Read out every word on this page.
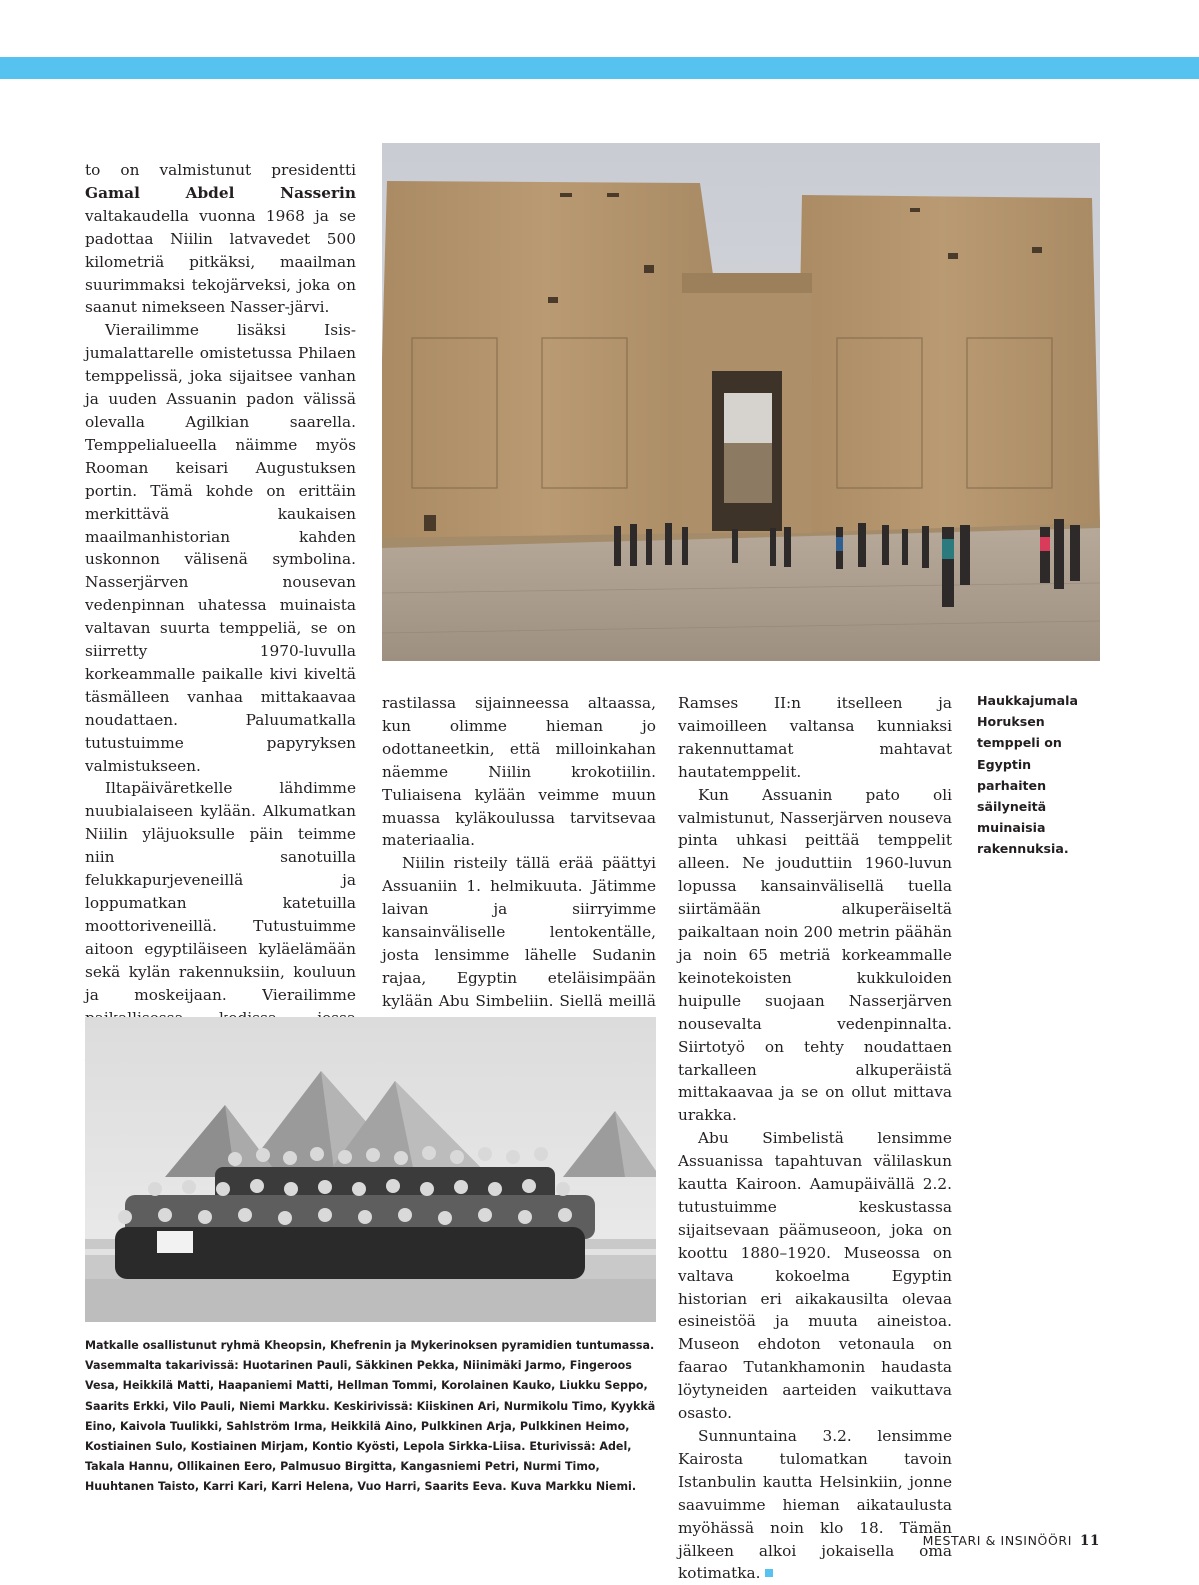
to on valmistunut presidentti Gamal Abdel Nasserin valtakaudella vuonna 1968 ja se padottaa Niilin latvavedet 500 kilometriä pitkäksi, maailman suurimmaksi tekojärveksi, joka on saanut nimekseen Nasser-järvi.

Vierailimme lisäksi Isis-jumalattarelle omistetussa Philaen temppelissä, joka sijaitsee vanhan ja uuden Assuanin padon välissä olevalla Agilkian saarella. Temppelialueella näimme myös Rooman keisari Augustuksen portin. Tämä kohde on erittäin merkittävä kaukaisen maailmanhistorian kahden uskonnon välisenä symbolina. Nasserjärven nousevan vedenpinnan uhatessa muinaista valtavan suurta temppeliä, se on siirretty 1970-luvulla korkeammalle paikalle kivi kiveltä täsmälleen vanhaa mittakaavaa noudattaen. Paluumatkalla tutustuimme papyryksen valmistukseen.

Iltapäiväretkelle lähdimme nuubialaiseen kylään. Alkumatkan Niilin yläjuoksulle päin teimme niin sanotuilla felukkapurjeveneillä ja loppumatkan katetuilla moottoriveneillä. Tutustuimme aitoon egyptiläiseen kyläelämään sekä kylän rakennuksiin, kouluun ja moskeijaan. Vierailimme

Haukkajumala Horuksen temppeli on Egyptin parhaiten säilyneitä muinaisia rakennuksia.

rastilassa sijainneessa altaassa, kun olimme hieman jo odottaneetkin, että milloinkahan näemme Niilin krokotiilin. Tuliaisena kylään veimme muun muassa kyläkoulussa tarvitsevaa materiaalia.

Niilin risteily tällä erää päättyi Assuaniin 1. helmikuuta. Jätimme laivan ja siirryimme kansainväliselle lentokentälle, josta lensimme lähelle Sudanin rajaa, Egyptin eteläisimpään kylään Abu Simbeliin. Siellä meillä

Ramses II:n itselleen ja vaimoilleen valtansa kunniaksi rakennuttamat mahtavat hautatemppelit.

Kun Assuanin pato oli valmistunut, Nasserjärven nouseva pinta uhkasi peittää temppelit alleen. Ne jouduttiin 1960-luvun lopussa kansainvälisellä tuella siirtämään alkuperäiseltä paikaltaan noin 200 metrin päähän ja noin 65 metriä korkeammalle keinotekoisten kukkuloiden huipulle suojaan Nasserjärven nousevalta vedenpinnalta. Siirtotyö on tehty noudattaen tarkalleen alkuperäistä mittakaavaa ja se on ollut mittava urakka.

Abu Simbelistä lensimme Assuanissa tapahtuvan välilaskun kautta Kairoon. Aamupäivällä 2.2. tutustuimme keskustassa sijaitsevaan päämuseoon, joka on koottu 1880–1920. Museossa on valtava kokoelma Egyptin historian eri aikakausilta olevaa esineistöä ja muuta aineistoa. Museon ehdoton vetonaula on faarao Tutankhamonin haudasta löytyneiden aarteiden vaikuttava osasto.

Sunnuntaina 3.2. lensimme Kairosta tulomatkan tavoin Istanbulin kautta Helsinkiin, jonne saavuimme hieman aikataulusta myöhässä noin klo 18. Tämän jälkeen alkoi jokaisella oma kotimatka.

Matkalle osallistunut ryhmä Kheopsin, Khefrenin ja Mykerinoksen pyramidien tuntumassa. Vasemmalta takarivissä: Huotarinen Pauli, Säkkinen Pekka, Niinimäki Jarmo, Fingeroos Vesa, Heikkilä Matti, Haapaniemi Matti, Hellman Tommi, Korolainen Kauko, Liukku Seppo, Saarits Erkki, Vilo Pauli, Niemi Markku. Keskirivissä: Kiiskinen Ari, Nurmikolu Timo, Kyykkä Eino, Kaivola Tuulikki, Sahlström Irma, Heikkilä Aino, Pulkkinen Arja, Pulkkinen Heimo, Kostiainen Sulo, Kostiainen Mirjam, Kontio Kyösti, Lepola Sirkka-Liisa. Eturivissä: Adel, Takala Hannu, Ollikainen Eero, Palmusuo Birgitta, Kangasniemi Petri, Nurmi Timo, Huuhtanen Taisto, Karri Kari, Karri Helena, Vuo Harri, Saarits Eeva. Kuva Markku Niemi.
MESTARI & INSINÖÖRI 11
